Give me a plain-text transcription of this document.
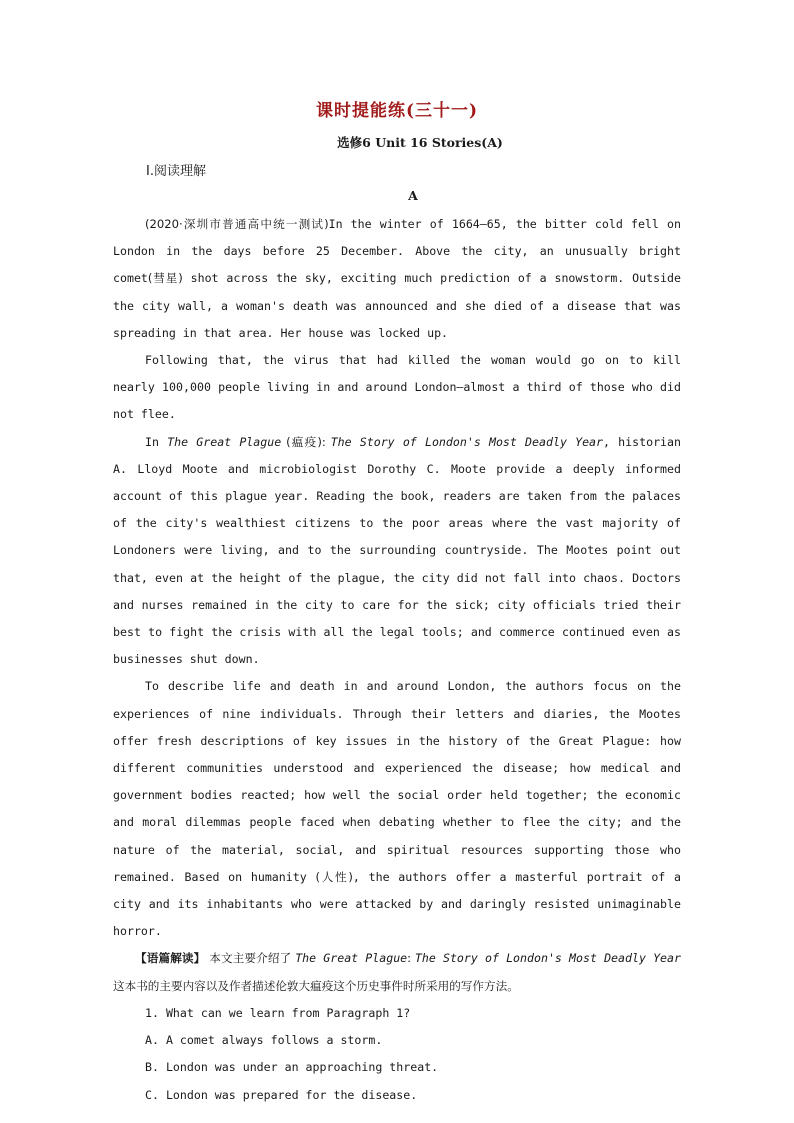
课时提能练(三十一)
选修6 Unit 16 Stories(A)
Ⅰ.阅读理解
A

(2020·深圳市普通高中统一测试)In the winter of 1664—65, the bitter cold fell on London in the days before 25 December. Above the city, an unusually bright comet(彗星) shot across the sky, exciting much prediction of a snowstorm. Outside the city wall, a woman's death was announced and she died of a disease that was spreading in that area. Her house was locked up.

Following that, the virus that had killed the woman would go on to kill nearly 100,000 people living in and around London—almost a third of those who did not flee.

In The Great Plague (瘟疫): The Story of London's Most Deadly Year, historian A. Lloyd Moote and microbiologist Dorothy C. Moote provide a deeply informed account of this plague year. Reading the book, readers are taken from the palaces of the city's wealthiest citizens to the poor areas where the vast majority of Londoners were living, and to the surrounding countryside. The Mootes point out that, even at the height of the plague, the city did not fall into chaos. Doctors and nurses remained in the city to care for the sick; city officials tried their best to fight the crisis with all the legal tools; and commerce continued even as businesses shut down.

To describe life and death in and around London, the authors focus on the experiences of nine individuals. Through their letters and diaries, the Mootes offer fresh descriptions of key issues in the history of the Great Plague: how different communities understood and experienced the disease; how medical and government bodies reacted; how well the social order held together; the economic and moral dilemmas people faced when debating whether to flee the city; and the nature of the material, social, and spiritual resources supporting those who remained. Based on humanity (人性), the authors offer a masterful portrait of a city and its inhabitants who were attacked by and daringly resisted unimaginable horror.

【语篇解读】 本文主要介绍了 The Great Plague: The Story of London's Most Deadly Year这本书的主要内容以及作者描述伦敦大瘟疫这个历史事件时所采用的写作方法。

1. What can we learn from Paragraph 1?

A. A comet always follows a storm.

B. London was under an approaching threat.

C. London was prepared for the disease.
